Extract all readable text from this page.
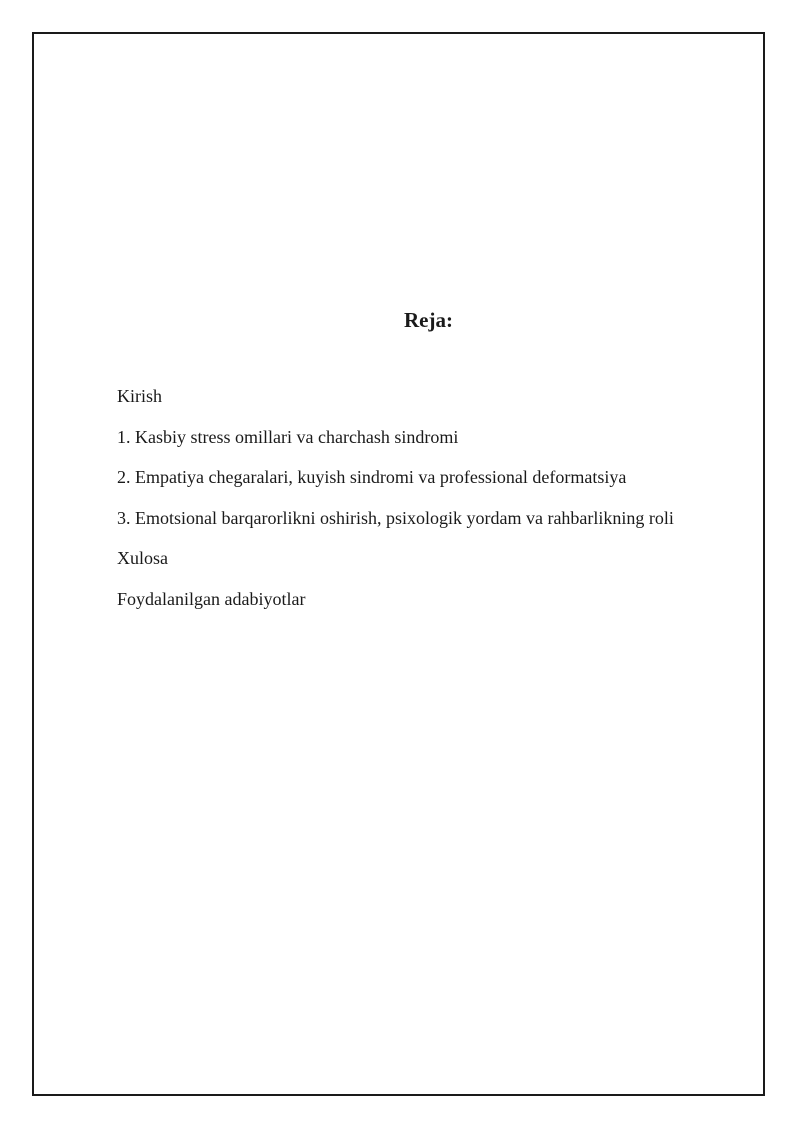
Reja:
Kirish
1. Kasbiy stress omillari va charchash sindromi
2. Empatiya chegaralari, kuyish sindromi va professional deformatsiya
3. Emotsional barqarorlikni oshirish, psixologik yordam va rahbarlikning roli
Xulosa
Foydalanilgan adabiyotlar
